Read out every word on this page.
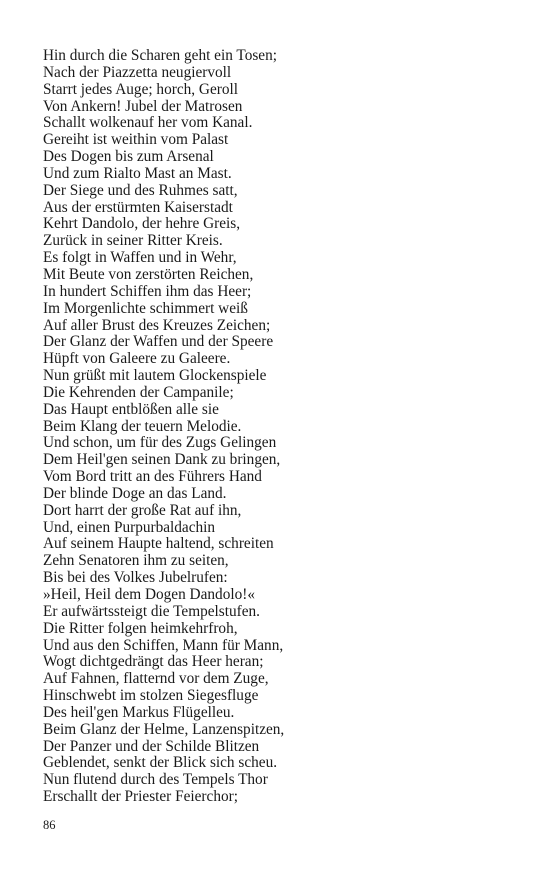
Hin durch die Scharen geht ein Tosen;
Nach der Piazzetta neugiervoll
Starrt jedes Auge; horch, Geroll
Von Ankern! Jubel der Matrosen
Schallt wolkenauf her vom Kanal.
Gereiht ist weithin vom Palast
Des Dogen bis zum Arsenal
Und zum Rialto Mast an Mast.
Der Siege und des Ruhmes satt,
Aus der erstürmten Kaiserstadt
Kehrt Dandolo, der hehre Greis,
Zurück in seiner Ritter Kreis.
Es folgt in Waffen und in Wehr,
Mit Beute von zerstörten Reichen,
In hundert Schiffen ihm das Heer;
Im Morgenlichte schimmert weiß
Auf aller Brust des Kreuzes Zeichen;
Der Glanz der Waffen und der Speere
Hüpft von Galeere zu Galeere.
Nun grüßt mit lautem Glockenspiele
Die Kehrenden der Campanile;
Das Haupt entblößen alle sie
Beim Klang der teuern Melodie.
Und schon, um für des Zugs Gelingen
Dem Heil'gen seinen Dank zu bringen,
Vom Bord tritt an des Führers Hand
Der blinde Doge an das Land.
Dort harrt der große Rat auf ihn,
Und, einen Purpurbaldachin
Auf seinem Haupte haltend, schreiten
Zehn Senatoren ihm zu seiten,
Bis bei des Volkes Jubelrufen:
»Heil, Heil dem Dogen Dandolo!«
Er aufwärtssteigt die Tempelstufen.
Die Ritter folgen heimkehrfroh,
Und aus den Schiffen, Mann für Mann,
Wogt dichtgedrängt das Heer heran;
Auf Fahnen, flatternd vor dem Zuge,
Hinschwebt im stolzen Siegesfluge
Des heil'gen Markus Flügelleu.
Beim Glanz der Helme, Lanzenspitzen,
Der Panzer und der Schilde Blitzen
Geblendet, senkt der Blick sich scheu.
Nun flutend durch des Tempels Thor
Erschallt der Priester Feierchor;
86
